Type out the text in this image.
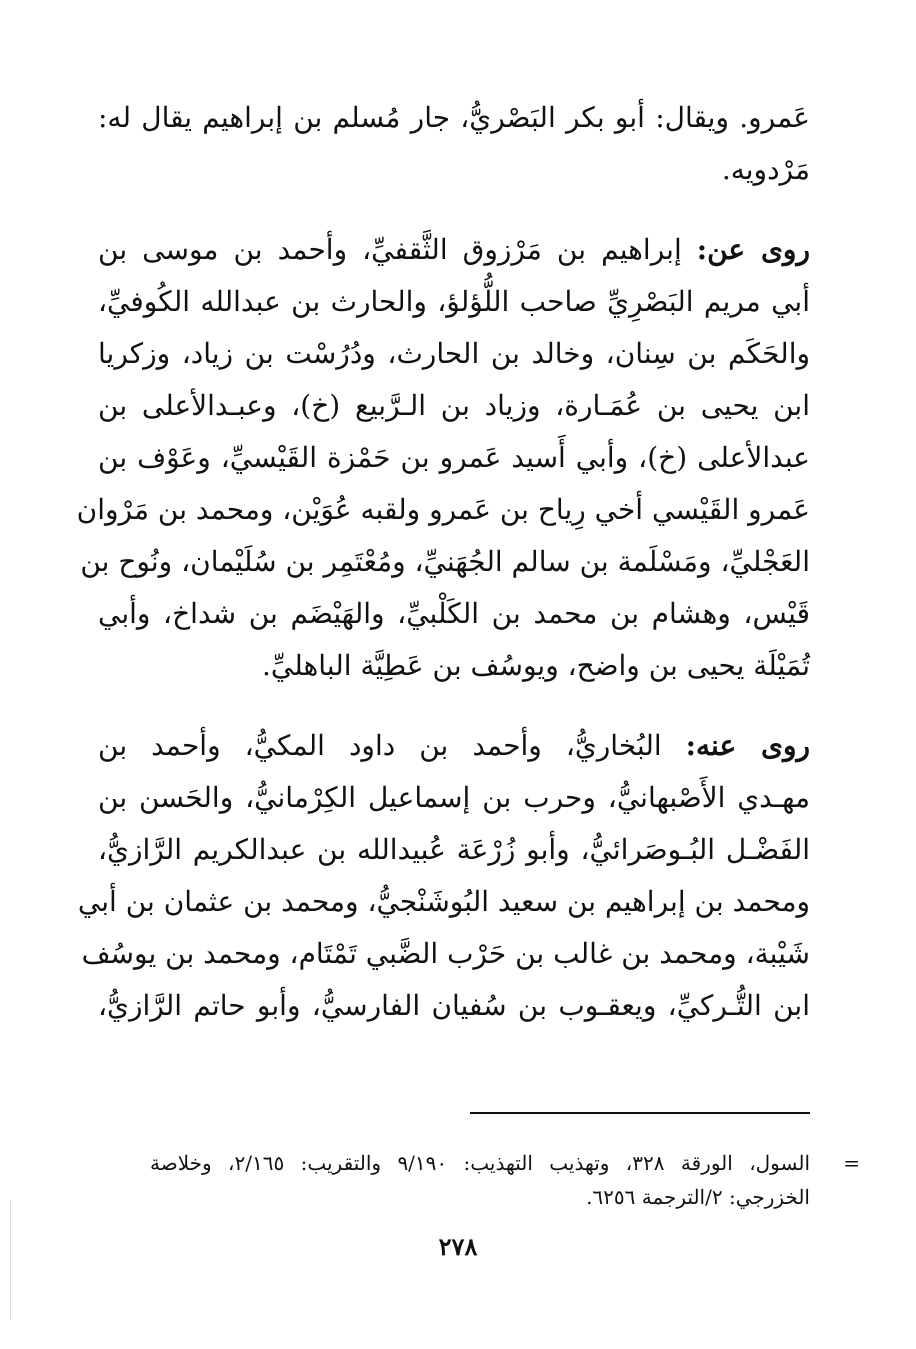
عَمرو. ويقال: أبو بكر البَصْريُّ، جار مُسلم بن إبراهيم يقال له:
مَرْدويه.

روى عن: إبراهيم بن مَرْزوق الثَّقفيِّ، وأحمد بن موسى بن
أبي مريم البَصْرِيِّ صاحب اللُّؤلؤ، والحارث بن عبدالله الكُوفيِّ،
والحَكَم بن سِنان، وخالد بن الحارث، ودُرُسْت بن زياد، وزكريا
ابن يحيى بن عُمَـارة، وزياد بن الـرَّبيع (خ)، وعبـدالأعلى بن
عبدالأعلى (خ)، وأبي أَسيد عَمرو بن حَمْزة القَيْسيِّ، وعَوْف بن
عَمرو القَيْسي أخي رِياح بن عَمرو ولقبه عُوَيْن، ومحمد بن مَرْوان
العَجْليِّ، ومَسْلَمة بن سالم الجُهَنيِّ، ومُعْتَمِر بن سُلَيْمان، ونُوح بن
قَيْس، وهشام بن محمد بن الكَلْبيِّ، والهَيْضَم بن شداخ، وأبي
تُمَيْلَة يحيى بن واضح، ويوسُف بن عَطِيَّة الباهليِّ.

روى عنه: البُخاريُّ، وأحمد بن داود المكيُّ، وأحمد بن
مهـدي الأَصْبهانيُّ، وحرب بن إسماعيل الكِرْمانيُّ، والحَسن بن
الفَضْـل البُـوصَرائيُّ، وأبو زُرْعَة عُبيدالله بن عبدالكريم الرَّازيُّ،
ومحمد بن إبراهيم بن سعيد البُوشَنْجيُّ، ومحمد بن عثمان بن أبي
شَيْبة، ومحمد بن غالب بن حَرْب الضَّبي تَمْتَام، ومحمد بن يوسُف
ابن التُّـركيِّ، ويعقـوب بن سُفيان الفارسيُّ، وأبو حاتم الرَّازيُّ،

=
السول، الورقة ٣٢٨، وتهذيب التهذيب: ٩/١٩٠ والتقريب: ٢/١٦٥، وخلاصة
الخزرجي: ٢/الترجمة ٦٢٥٦.
٢٧٨
